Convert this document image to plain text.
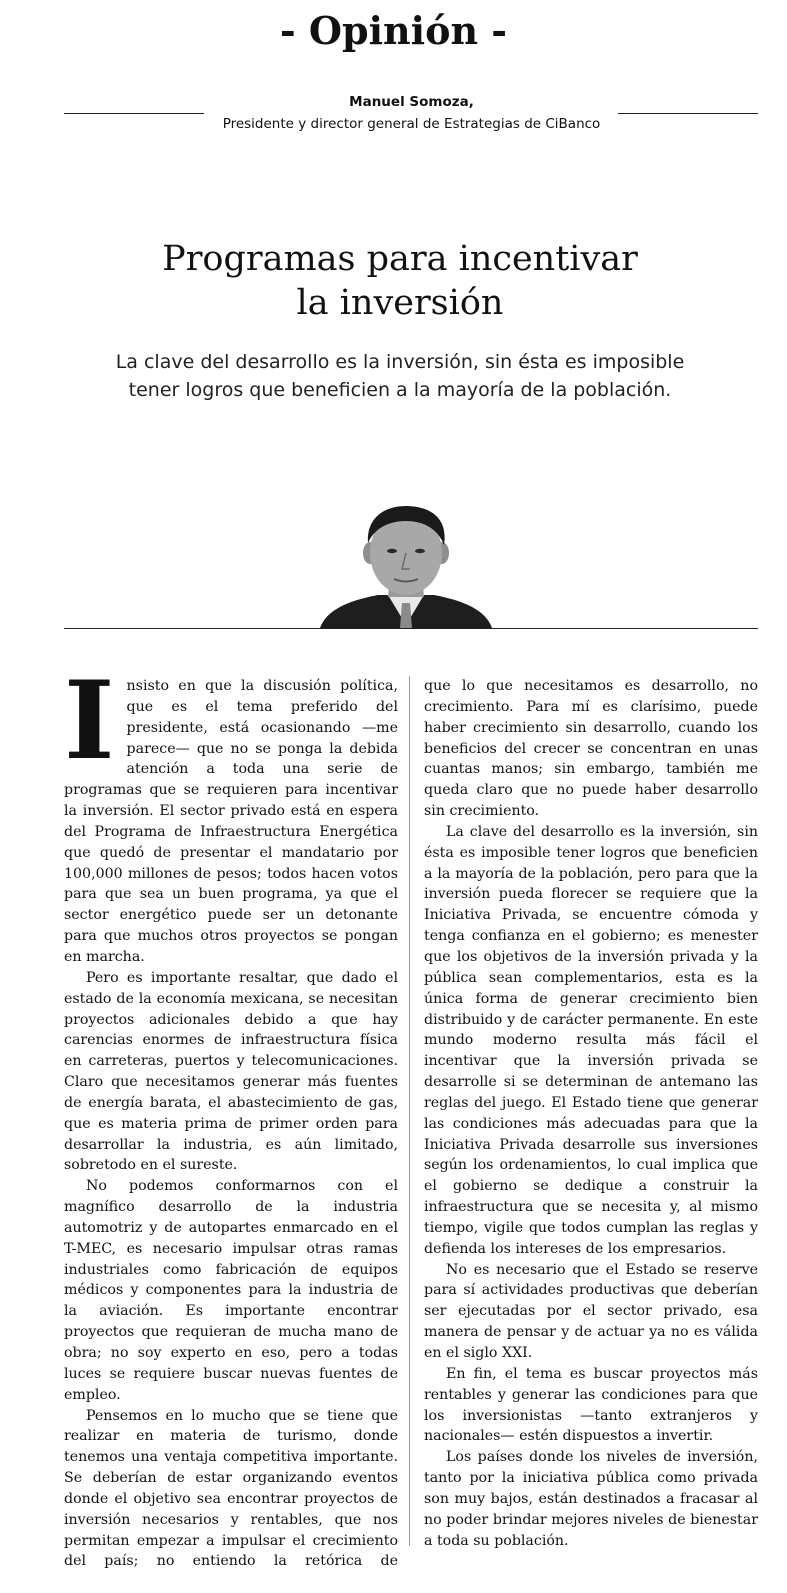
- Opinión -
Manuel Somoza,
Presidente y director general de Estrategias de CiBanco
Programas para incentivar
la inversión
La clave del desarrollo es la inversión, sin ésta es imposible
tener logros que beneficien a la mayoría de la población.

Insisto en que la discusión política, que es el tema preferido del presidente, está ocasionando —me parece— que no se ponga la debida atención a toda una serie de programas que se requieren para incentivar la inversión. El sector privado está en espera del Programa de Infraestructura Energética que quedó de presentar el mandatario por 100,000 millones de pesos; todos hacen votos para que sea un buen programa, ya que el sector energético puede ser un detonante para que muchos otros proyectos se pongan en marcha.

Pero es importante resaltar, que dado el estado de la economía mexicana, se necesitan proyectos adicionales debido a que hay carencias enormes de infraestructura física en carreteras, puertos y telecomunicaciones. Claro que necesitamos generar más fuentes de energía barata, el abastecimiento de gas, que es materia prima de primer orden para desarrollar la industria, es aún limitado, sobretodo en el sureste.

No podemos conformarnos con el magnífico desarrollo de la industria automotriz y de autopartes enmarcado en el T-MEC, es necesario impulsar otras ramas industriales como fabricación de equipos médicos y componentes para la industria de la aviación. Es importante encontrar proyectos que requieran de mucha mano de obra; no soy experto en eso, pero a todas luces se requiere buscar nuevas fuentes de empleo.

Pensemos en lo mucho que se tiene que realizar en materia de turismo, donde tenemos una ventaja competitiva importante. Se deberían de estar organizando eventos donde el objetivo sea encontrar proyectos de inversión necesarios y rentables, que nos permitan empezar a impulsar el crecimiento del país; no entiendo la retórica de

que lo que necesitamos es desarrollo, no crecimiento. Para mí es clarísimo, puede haber crecimiento sin desarrollo, cuando los beneficios del crecer se concentran en unas cuantas manos; sin embargo, también me queda claro que no puede haber desarrollo sin crecimiento.

La clave del desarrollo es la inversión, sin ésta es imposible tener logros que beneficien a la mayoría de la población, pero para que la inversión pueda florecer se requiere que la Iniciativa Privada, se encuentre cómoda y tenga confianza en el gobierno; es menester que los objetivos de la inversión privada y la pública sean complementarios, esta es la única forma de generar crecimiento bien distribuido y de carácter permanente. En este mundo moderno resulta más fácil el incentivar que la inversión privada se desarrolle si se determinan de antemano las reglas del juego. El Estado tiene que generar las condiciones más adecuadas para que la Iniciativa Privada desarrolle sus inversiones según los ordenamientos, lo cual implica que el gobierno se dedique a construir la infraestructura que se necesita y, al mismo tiempo, vigile que todos cumplan las reglas y defienda los intereses de los empresarios.

No es necesario que el Estado se reserve para sí actividades productivas que deberían ser ejecutadas por el sector privado, esa manera de pensar y de actuar ya no es válida en el siglo XXI.

En fin, el tema es buscar proyectos más rentables y generar las condiciones para que los inversionistas —tanto extranjeros y nacionales— estén dispuestos a invertir.

Los países donde los niveles de inversión, tanto por la iniciativa pública como privada son muy bajos, están destinados a fracasar al no poder brindar mejores niveles de bienestar a toda su población.
